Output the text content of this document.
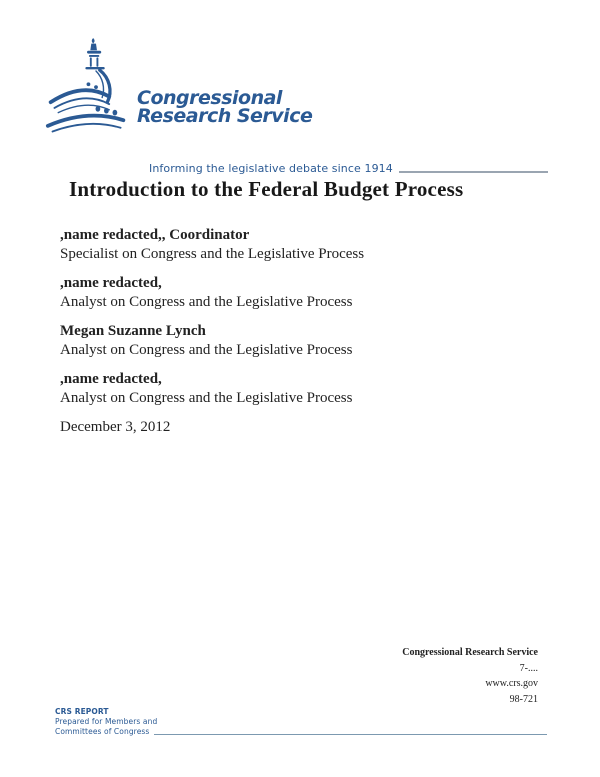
Congressional
Research Service
Informing the legislative debate since 1914
Introduction to the Federal Budget Process
,name redacted,, Coordinator
Specialist on Congress and the Legislative Process
,name redacted,
Analyst on Congress and the Legislative Process
Megan Suzanne Lynch
Analyst on Congress and the Legislative Process
,name redacted,
Analyst on Congress and the Legislative Process
December 3, 2012
Congressional Research Service
7-....
www.crs.gov
98-721
CRS REPORT
Prepared for Members and
Committees of Congress
